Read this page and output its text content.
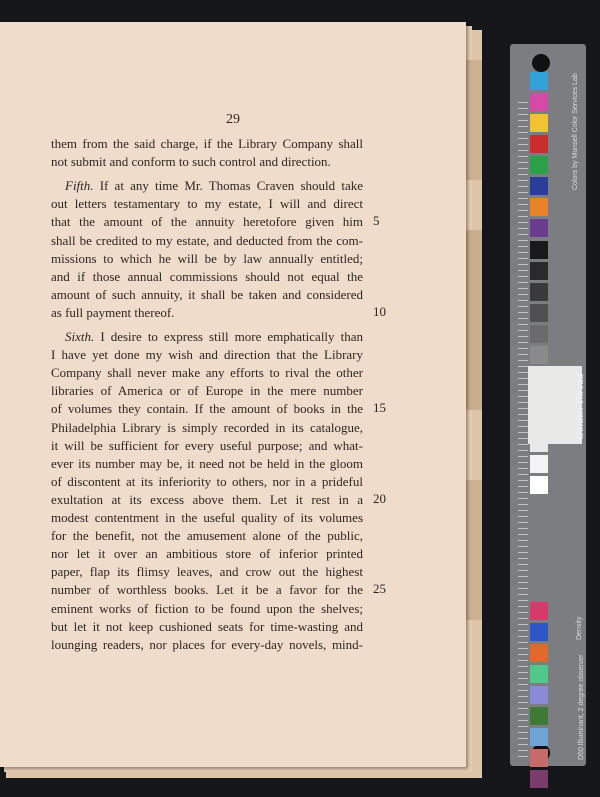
29
them from the said charge, if the Library Company shall
not submit and conform to such control and direction.
Fifth. If at any time Mr. Thomas Craven should take
out letters testamentary to my estate, I will and direct
that the amount of the annuity heretofore given him
shall be credited to my estate, and deducted from the com-
missions to which he will be by law annually entitled;
and if those annual commissions should not equal the
amount of such annuity, it shall be taken and considered
as full payment thereof.
Sixth. I desire to express still more emphatically than
I have yet done my wish and direction that the Library
Company shall never make any efforts to rival the other
libraries of America or of Europe in the mere number
of volumes they contain. If the amount of books in the
Philadelphia Library is simply recorded in its catalogue,
it will be sufficient for every useful purpose; and what-
ever its number may be, it need not be held in the gloom
of discontent at its inferiority to others, nor in a prideful
exultation at its excess above them. Let it rest in a
modest contentment in the useful quality of its volumes
for the benefit, not the amusement alone of the public,
nor let it over an ambitious store of inferior printed
paper, flap its flimsy leaves, and crow out the highest
number of worthless books. Let it be a favor for the
eminent works of fiction to be found upon the shelves;
but let it not keep cushioned seats for time-wasting and
lounging readers, nor places for every-day novels, mind-
5
10
15
20
25
Colors by Munsell Color Services Lab
D50 Illuminant, 2 degree observer
Density
Golden Thread
